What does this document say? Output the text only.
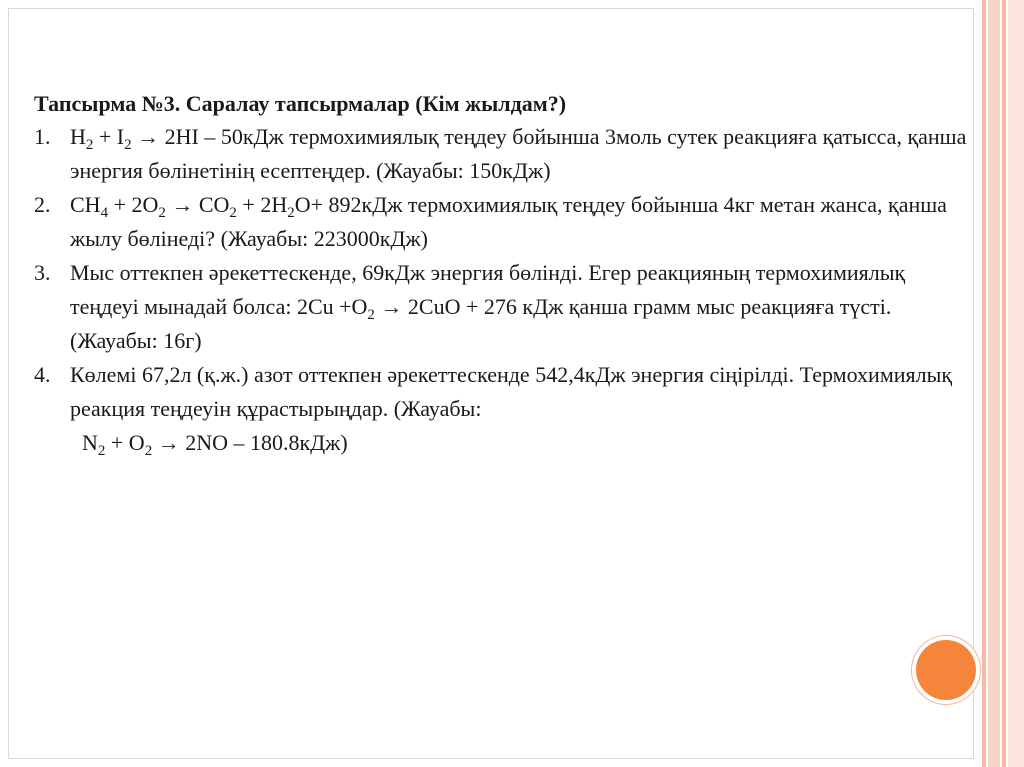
Тапсырма №3. Саралау тапсырмалар (Кім жылдам?)

1. $H_2 + I_2 \to 2HI - 50кДж$ термохимиялық теңдеу бойынша 3моль сутек реакцияға қатысса, қанша энергия бөлінетінің есептеңдер. (Жауабы: 150кДж)
2. $CH_4 + 2O_2 \to CO_2 + 2H_2O+ 892кДж$ термохимиялық теңдеу бойынша 4кг метан жанса, қанша жылу бөлінеді? (Жауабы: 223000кДж)
3. Мыс оттекпен әрекеттескенде, 69кДж энергия бөлінді. Егер реакцияның термохимиялық теңдеуі мынадай болса: $2Cu +O_2 \to 2CuO + 276$ кДж қанша грамм мыс реакцияға түсті. (Жауабы: 16г)
4. Көлемі 67,2л (қ.ж.) азот оттекпен әрекеттескенде 542,4кДж энергия сіңірілді. Термохимиялық реакция теңдеуін құрастырыңдар. (Жауабы:
$N_2 + O_2 \to 2NO - 180.8кДж$)
